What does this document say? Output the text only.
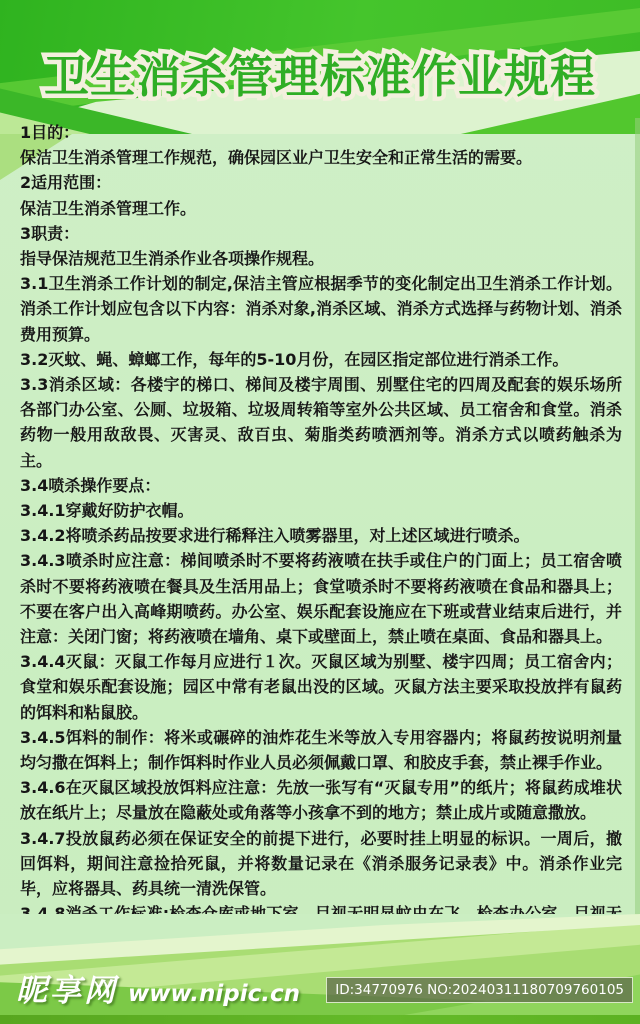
卫生消杀管理标准作业规程

1目的：

保洁卫生消杀管理工作规范，确保园区业户卫生安全和正常生活的需要。

2适用范围：

保洁卫生消杀管理工作。

3职责：

指导保洁规范卫生消杀作业各项操作规程。

3.1卫生消杀工作计划的制定,保洁主管应根据季节的变化制定出卫生消杀工作计划。消杀工作计划应包含以下内容：消杀对象,消杀区域、消杀方式选择与药物计划、消杀费用预算。

3.2灭蚊、蝇、蟑螂工作，每年的5-10月份，在园区指定部位进行消杀工作。

3.3消杀区域：各楼宇的梯口、梯间及楼宇周围、别墅住宅的四周及配套的娱乐场所各部门办公室、公厕、垃圾箱、垃圾周转箱等室外公共区域、员工宿舍和食堂。消杀药物一般用敌敌畏、灭害灵、敌百虫、菊脂类药喷洒剂等。消杀方式以喷药触杀为主。

3.4喷杀操作要点：

3.4.1穿戴好防护衣帽。

3.4.2将喷杀药品按要求进行稀释注入喷雾器里，对上述区域进行喷杀。

3.4.3喷杀时应注意：梯间喷杀时不要将药液喷在扶手或住户的门面上；员工宿舍喷杀时不要将药液喷在餐具及生活用品上；食堂喷杀时不要将药液喷在食品和器具上；不要在客户出入高峰期喷药。办公室、娱乐配套设施应在下班或营业结束后进行，并注意：关闭门窗；将药液喷在墙角、桌下或壁面上，禁止喷在桌面、食品和器具上。

3.4.4灭鼠：灭鼠工作每月应进行１次。灭鼠区域为别墅、楼宇四周；员工宿舍内；食堂和娱乐配套设施；园区中常有老鼠出没的区域。灭鼠方法主要采取投放拌有鼠药的饵料和粘鼠胶。

3.4.5饵料的制作：将米或碾碎的油炸花生米等放入专用容器内；将鼠药按说明剂量均匀撒在饵料上；制作饵料时作业人员必须佩戴口罩、和胶皮手套，禁止裸手作业。

3.4.6在灭鼠区域投放饵料应注意：先放一张写有“灭鼠专用”的纸片；将鼠药成堆状放在纸片上；尽量放在隐蔽处或角落等小孩拿不到的地方；禁止成片或随意撒放。

3.4.7投放鼠药必须在保证安全的前提下进行，必要时挂上明显的标识。一周后，撤回饵料，期间注意捡拾死鼠，并将数量记录在《消杀服务记录表》中。消杀作业完毕，应将器具、药具统一清洗保管。

昵享网 www.nipic.cn	ID:34770976 NO:20240311180709760105
